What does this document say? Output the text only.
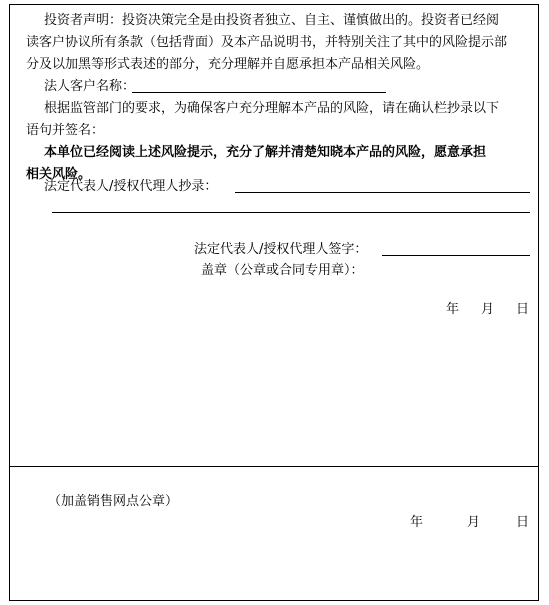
投资者声明：投资决策完全是由投资者独立、自主、谨慎做出的。投资者已经阅
读客户协议所有条款（包括背面）及本产品说明书，并特别关注了其中的风险提示部
分及以加黑等形式表述的部分，充分理解并自愿承担本产品相关风险。
法人客户名称：
根据监管部门的要求，为确保客户充分理解本产品的风险，请在确认栏抄录以下
语句并签名：
本单位已经阅读上述风险提示，充分了解并清楚知晓本产品的风险，愿意承担
相关风险。
法定代表人/授权代理人抄录：
法定代表人/授权代理人签字：
盖章（公章或合同专用章）：
年 月 日
（加盖销售网点公章）
年	月	日
